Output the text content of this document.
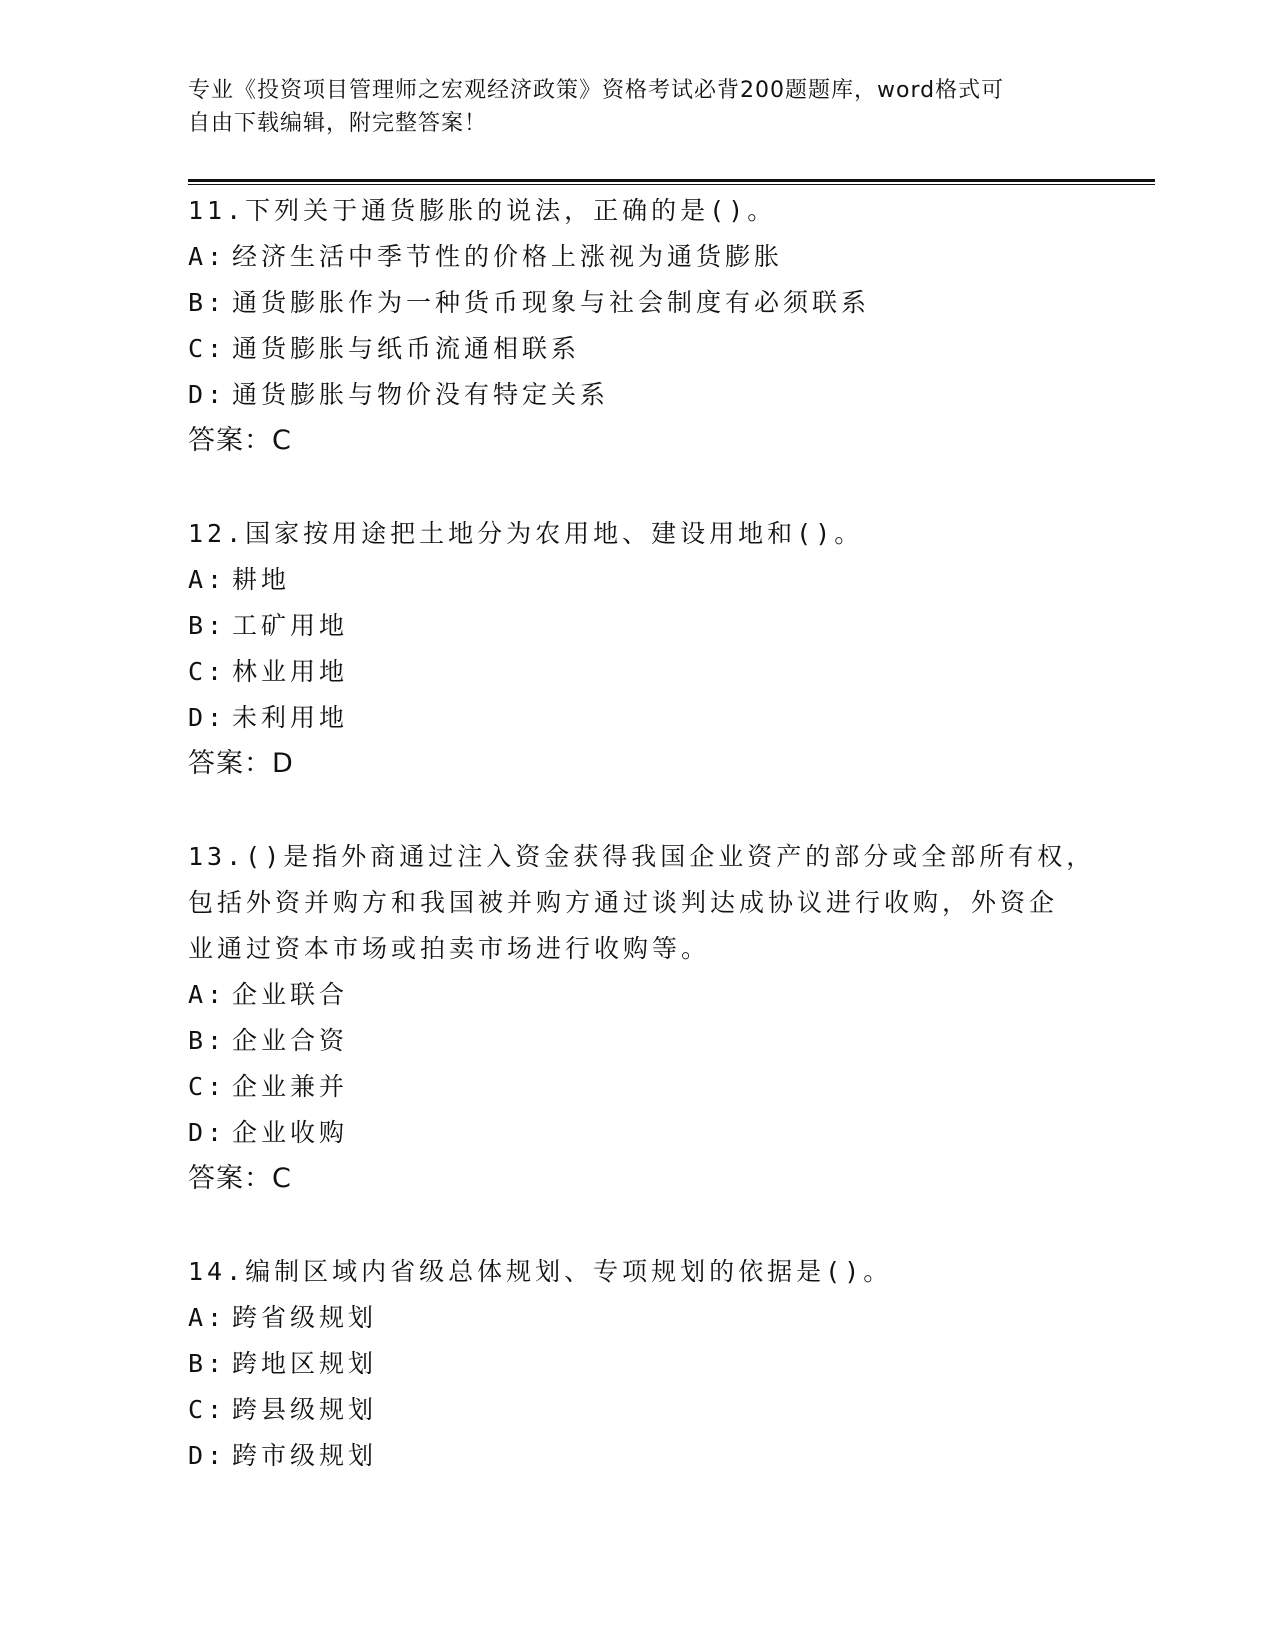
专业《投资项目管理师之宏观经济政策》资格考试必背200题题库，word格式可
自由下载编辑，附完整答案！
11.下列关于通货膨胀的说法，正确的是()。
A: 经济生活中季节性的价格上涨视为通货膨胀
B: 通货膨胀作为一种货币现象与社会制度有必须联系
C: 通货膨胀与纸币流通相联系
D: 通货膨胀与物价没有特定关系
答案：C
12.国家按用途把土地分为农用地、建设用地和()。
A: 耕地
B: 工矿用地
C: 林业用地
D: 未利用地
答案：D
13.()是指外商通过注入资金获得我国企业资产的部分或全部所有权，
包括外资并购方和我国被并购方通过谈判达成协议进行收购，外资企
业通过资本市场或拍卖市场进行收购等。
A: 企业联合
B: 企业合资
C: 企业兼并
D: 企业收购
答案：C
14.编制区域内省级总体规划、专项规划的依据是()。
A: 跨省级规划
B: 跨地区规划
C: 跨县级规划
D: 跨市级规划
